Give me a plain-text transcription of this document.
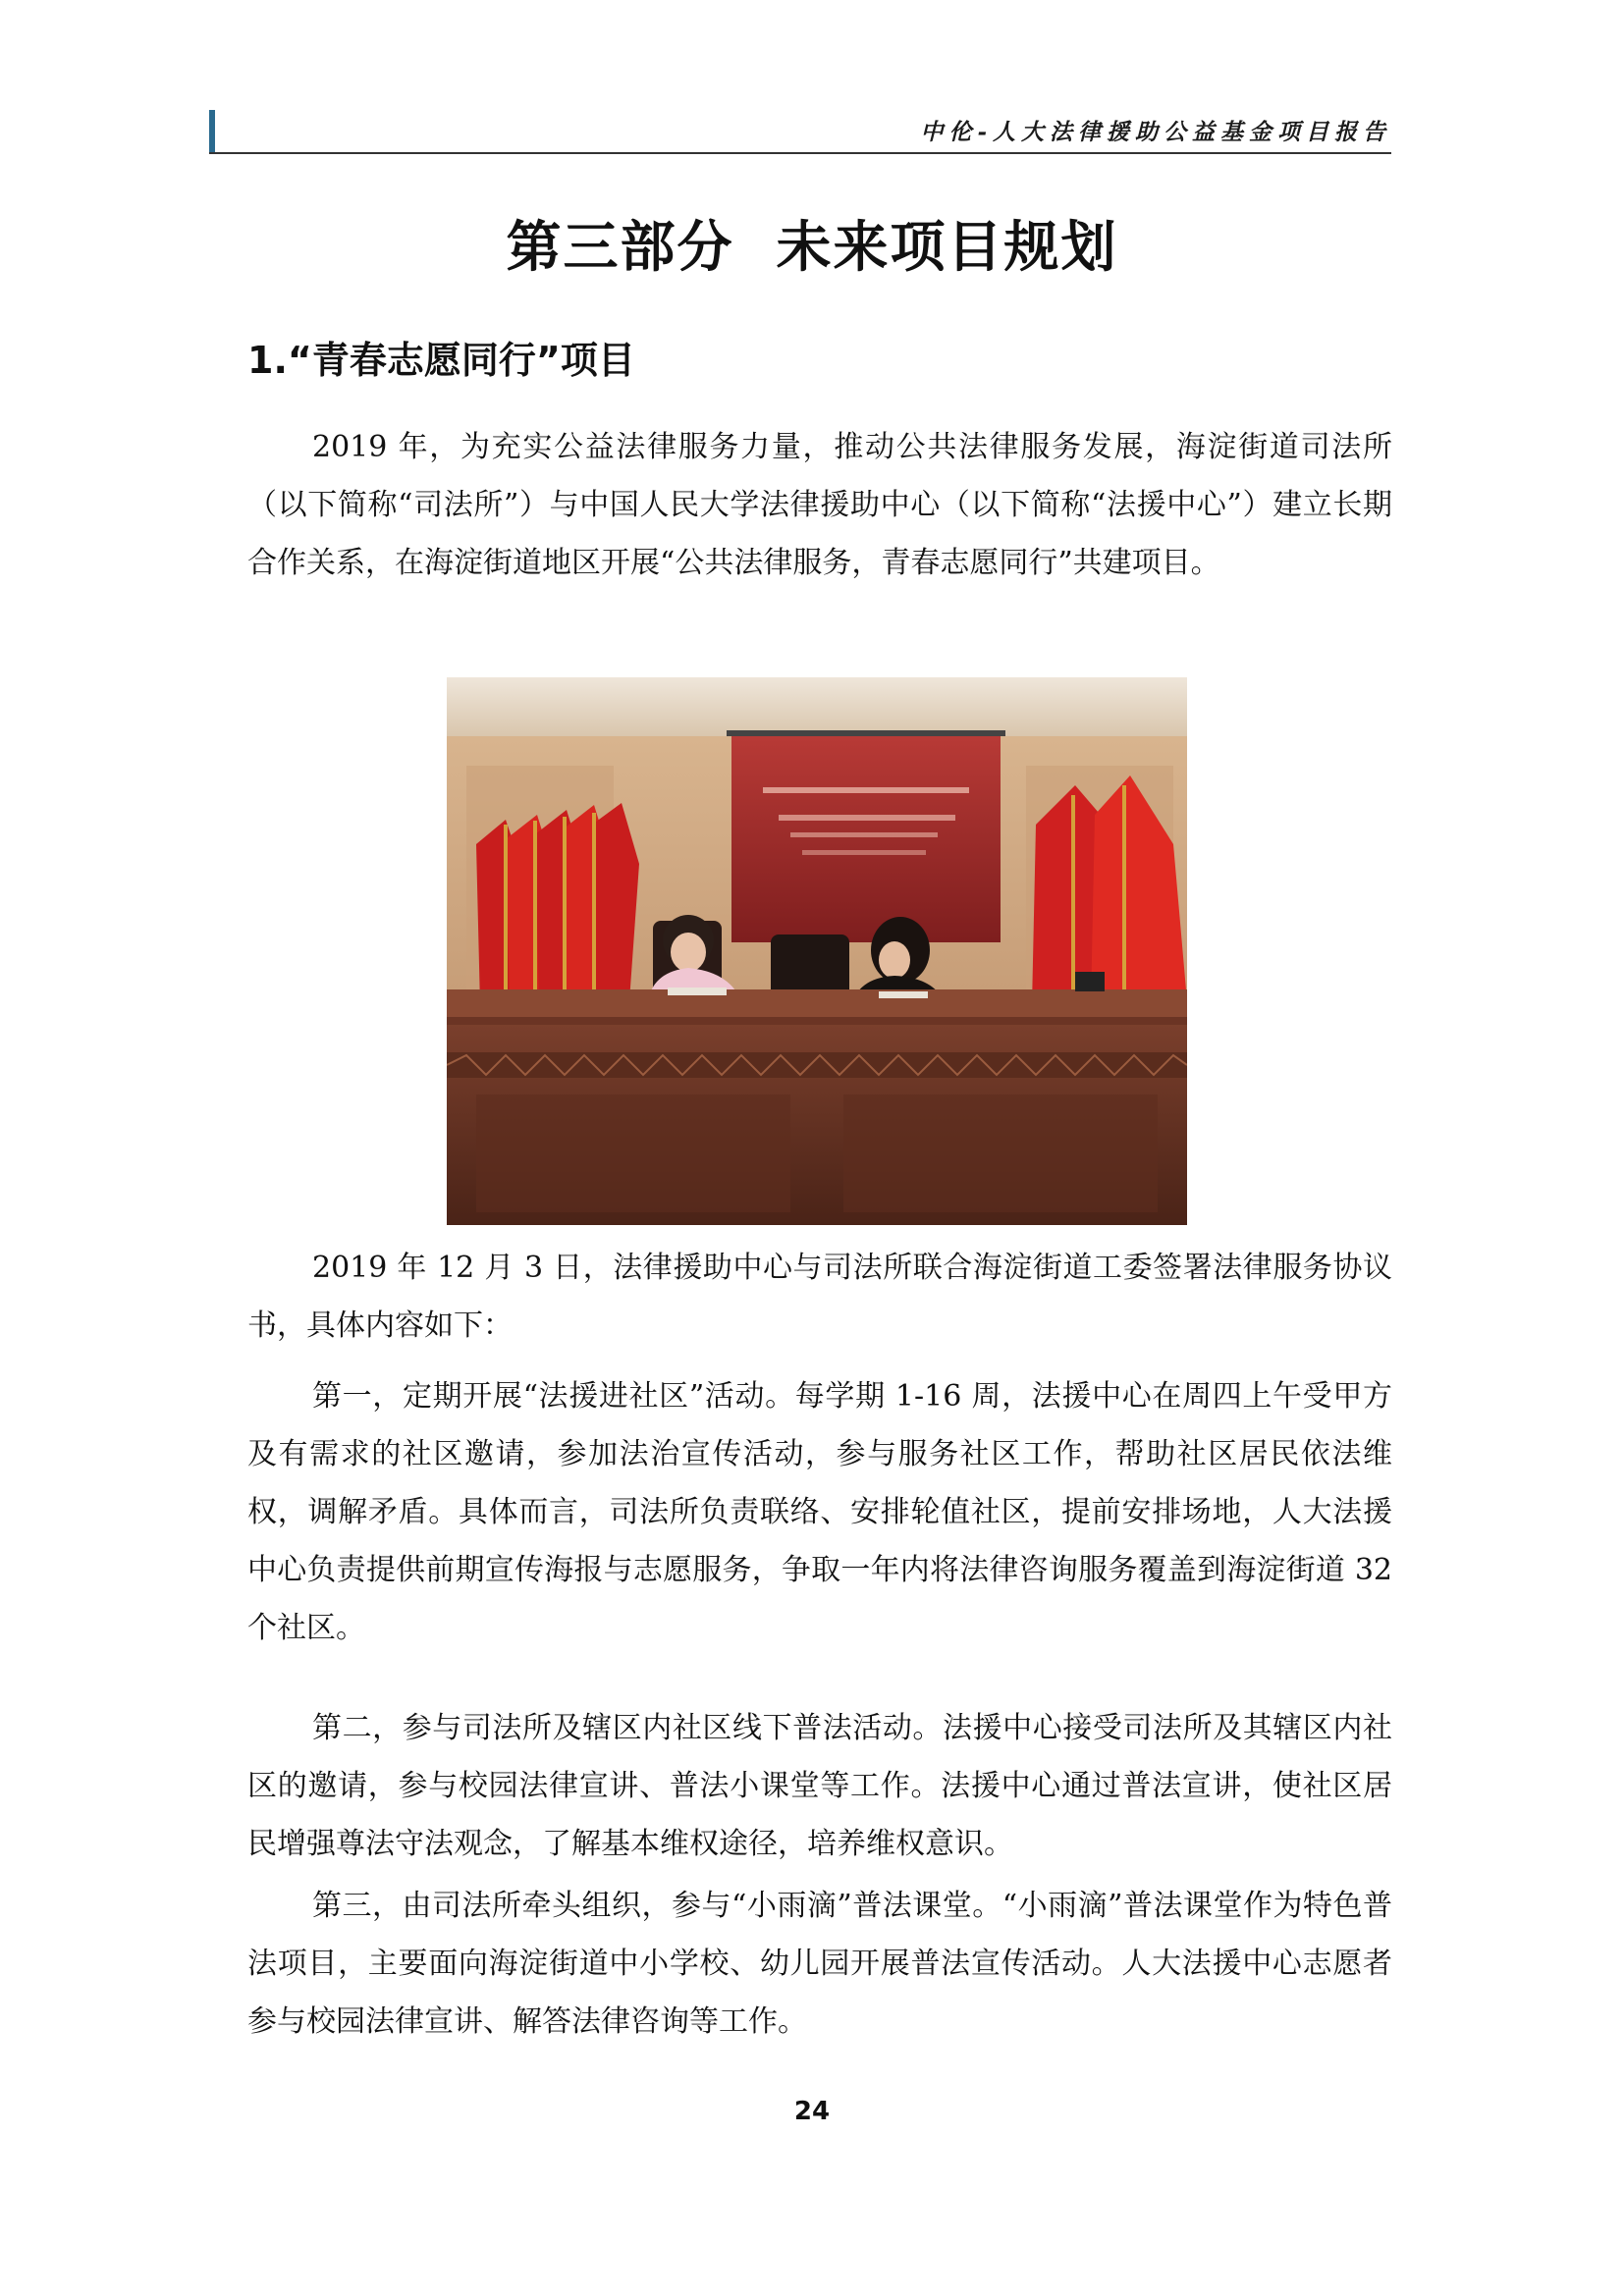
中伦-人大法律援助公益基金项目报告
第三部分  未来项目规划
1.“青春志愿同行”项目

2019 年，为充实公益法律服务力量，推动公共法律服务发展，海淀街道司法所（以下简称“司法所”）与中国人民大学法律援助中心（以下简称“法援中心”）建立长期合作关系，在海淀街道地区开展“公共法律服务，青春志愿同行”共建项目。

2019 年 12 月 3 日，法律援助中心与司法所联合海淀街道工委签署法律服务协议书，具体内容如下：

第一，定期开展“法援进社区”活动。每学期 1-16 周，法援中心在周四上午受甲方及有需求的社区邀请，参加法治宣传活动，参与服务社区工作，帮助社区居民依法维权，调解矛盾。具体而言，司法所负责联络、安排轮值社区，提前安排场地，人大法援中心负责提供前期宣传海报与志愿服务，争取一年内将法律咨询服务覆盖到海淀街道 32 个社区。

第二，参与司法所及辖区内社区线下普法活动。法援中心接受司法所及其辖区内社区的邀请，参与校园法律宣讲、普法小课堂等工作。法援中心通过普法宣讲，使社区居民增强尊法守法观念，了解基本维权途径，培养维权意识。

第三，由司法所牵头组织，参与“小雨滴”普法课堂。“小雨滴”普法课堂作为特色普法项目，主要面向海淀街道中小学校、幼儿园开展普法宣传活动。人大法援中心志愿者参与校园法律宣讲、解答法律咨询等工作。

24
